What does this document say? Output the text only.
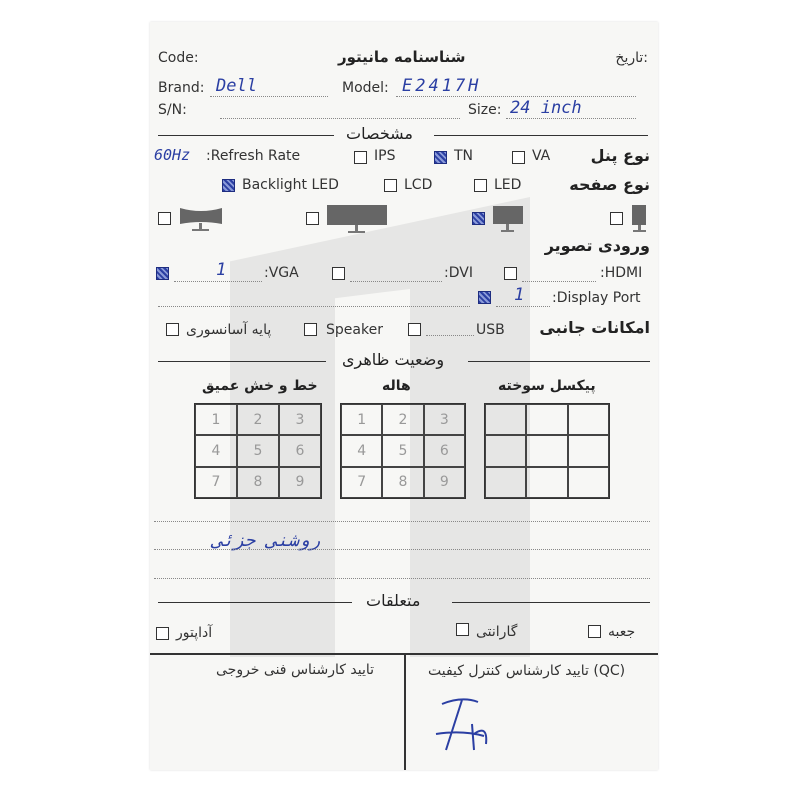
Code:	شناسنامه مانیتور	تاریخ:
Brand: Dell	Model: E2417H
S/N:	Size: 24 inch
مشخصات
60Hz :Refresh Rate	IPS	TN	VA	نوع پنل
Backlight LED	LCD	LED	نوع صفحه
ورودی تصویر
1	:VGA	:DVI	:HDMI
1 :Display Port
پایه آسانسوری	Speaker	USB امکانات جانبی
وضعیت ظاهری
خط و خش عمیق	هاله	پیکسل سوخته
1	2	3
4	5	6
7	8	9
1	2	3
4	5	6
7	8	9
روشنی جزئی
متعلقات
آداپتور	گارانتی	جعبه
تایید کارشناس فنی خروجی	تایید کارشناس کنترل کیفیت (QC)
